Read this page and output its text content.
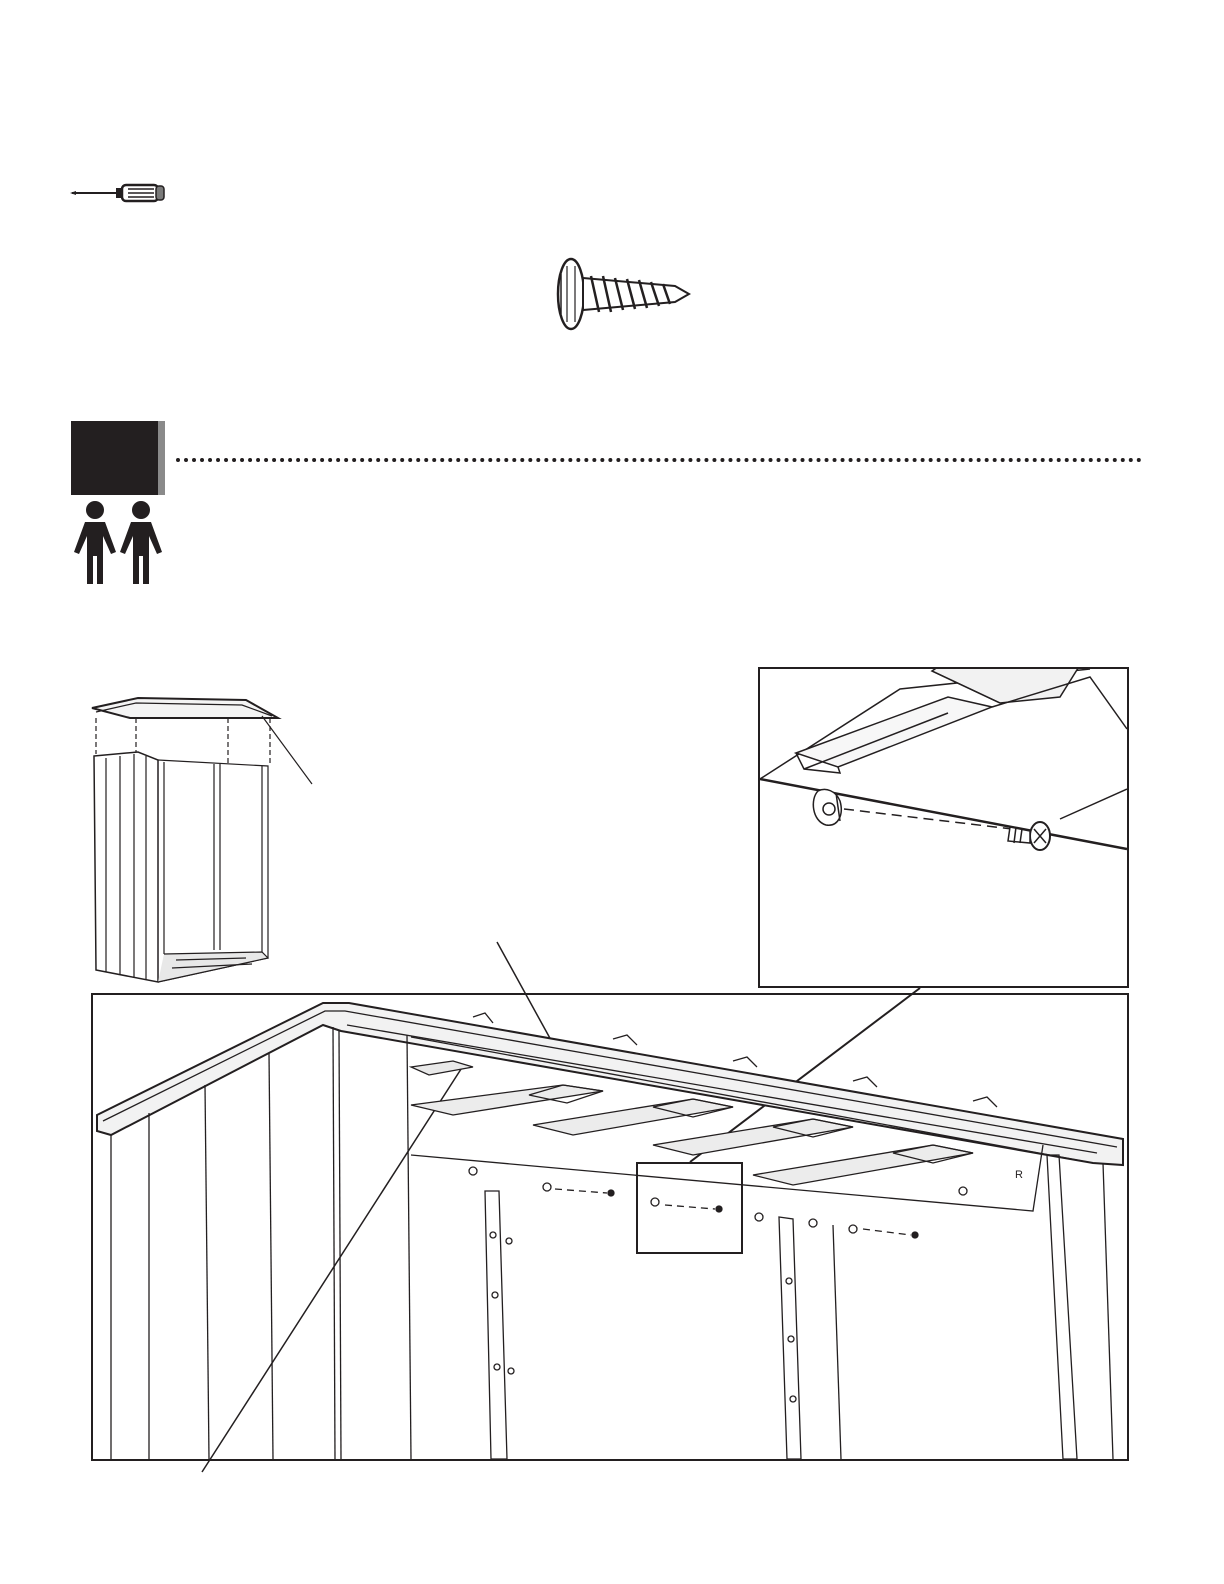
R
